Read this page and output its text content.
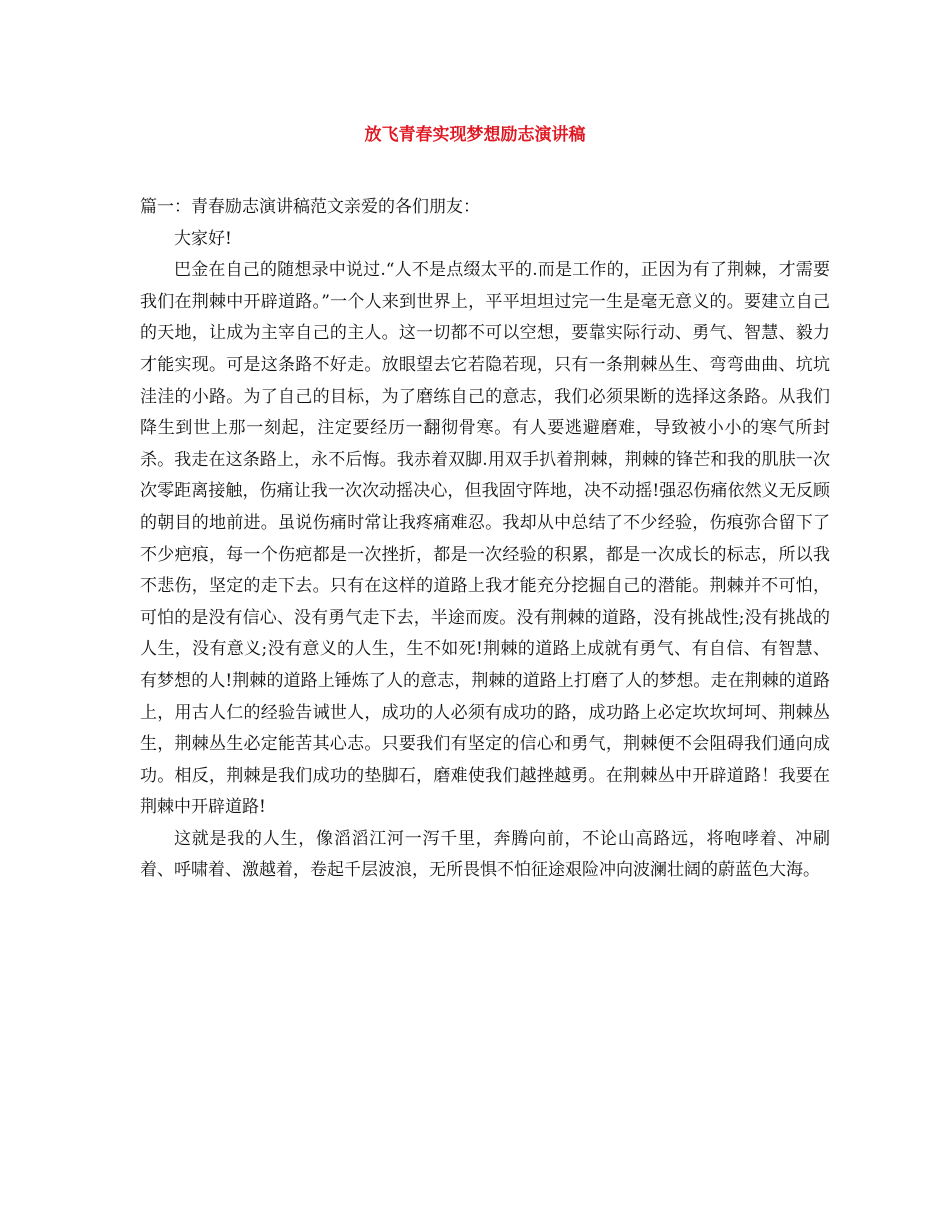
放飞青春实现梦想励志演讲稿

篇一：青春励志演讲稿范文亲爱的各们朋友：

大家好!

巴金在自己的随想录中说过.“人不是点缀太平的.而是工作的，正因为有了荆棘，才需要我们在荆棘中开辟道路。”一个人来到世界上，平平坦坦过完一生是毫无意义的。要建立自己的天地，让成为主宰自己的主人。这一切都不可以空想，要靠实际行动、勇气、智慧、毅力才能实现。可是这条路不好走。放眼望去它若隐若现，只有一条荆棘丛生、弯弯曲曲、坑坑洼洼的小路。为了自己的目标，为了磨练自己的意志，我们必须果断的选择这条路。从我们降生到世上那一刻起，注定要经历一翻彻骨寒。有人要逃避磨难，导致被小小的寒气所封杀。我走在这条路上，永不后悔。我赤着双脚.用双手扒着荆棘，荆棘的锋芒和我的肌肤一次次零距离接触，伤痛让我一次次动摇决心，但我固守阵地，决不动摇!强忍伤痛依然义无反顾的朝目的地前进。虽说伤痛时常让我疼痛难忍。我却从中总结了不少经验，伤痕弥合留下了不少疤痕，每一个伤疤都是一次挫折，都是一次经验的积累，都是一次成长的标志，所以我不悲伤，坚定的走下去。只有在这样的道路上我才能充分挖掘自己的潜能。荆棘并不可怕，可怕的是没有信心、没有勇气走下去，半途而废。没有荆棘的道路，没有挑战性;没有挑战的人生，没有意义;没有意义的人生，生不如死!荆棘的道路上成就有勇气、有自信、有智慧、有梦想的人!荆棘的道路上锤炼了人的意志，荆棘的道路上打磨了人的梦想。走在荆棘的道路上，用古人仁的经验告诫世人，成功的人必须有成功的路，成功路上必定坎坎坷坷、荆棘丛生，荆棘丛生必定能苦其心志。只要我们有坚定的信心和勇气，荆棘便不会阻碍我们通向成功。相反，荆棘是我们成功的垫脚石，磨难使我们越挫越勇。在荆棘丛中开辟道路！我要在荆棘中开辟道路!

这就是我的人生，像滔滔江河一泻千里，奔腾向前，不论山高路远，将咆哮着、冲刷着、呼啸着、激越着，卷起千层波浪，无所畏惧不怕征途艰险冲向波澜壮阔的蔚蓝色大海。
